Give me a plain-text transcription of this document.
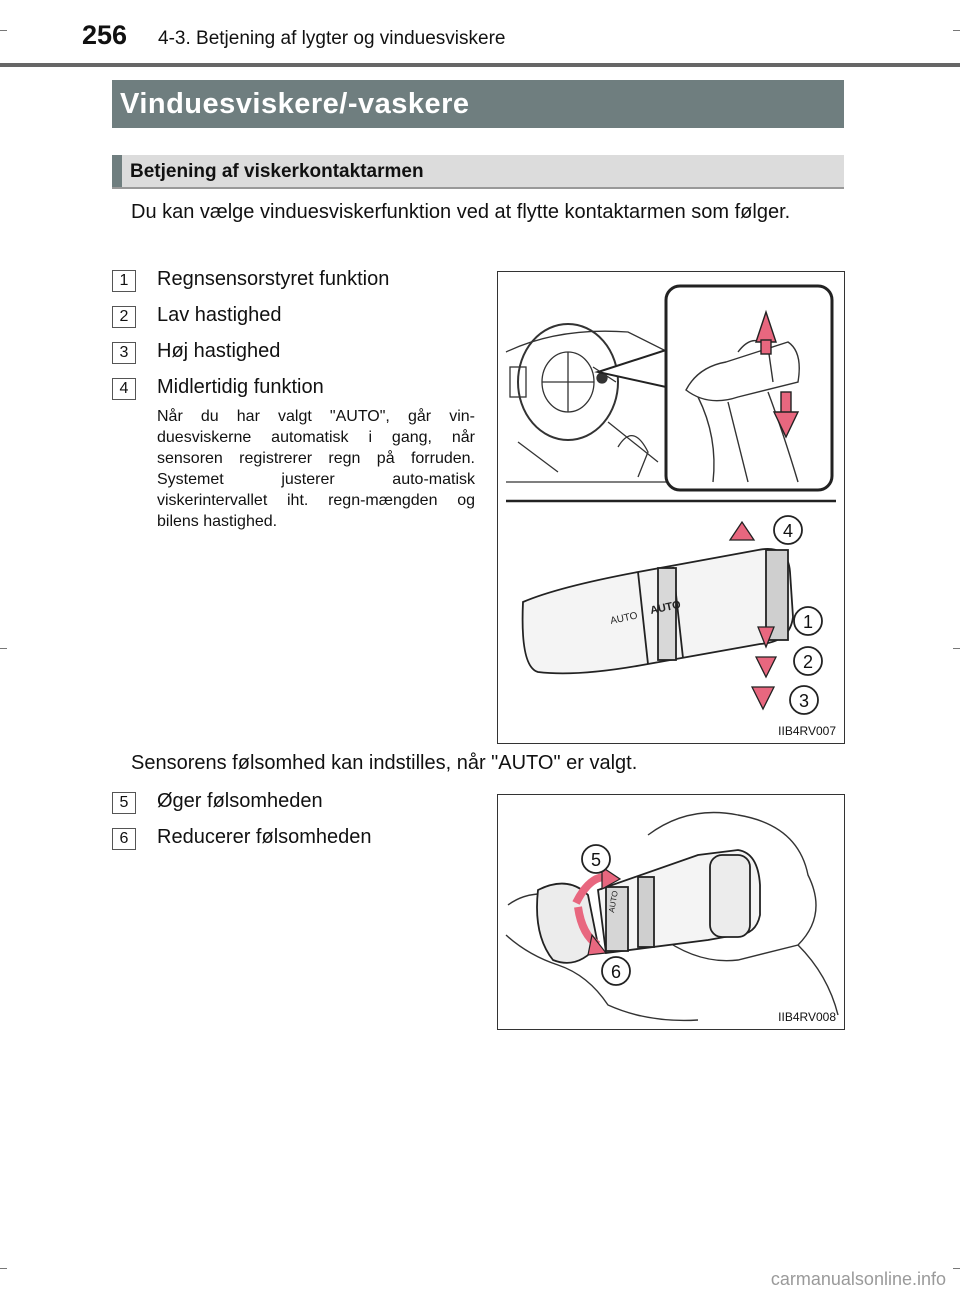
256 4-3. Betjening af lygter og vinduesviskere
Vinduesviskere/-vaskere
Betjening af viskerkontaktarmen
Du kan vælge vinduesviskerfunktion ved at flytte kontaktarmen som følger.
1	Regnsensorstyret funktion
2	Lav hastighed
3	Høj hastighed
4	Midlertidig funktion
Når du har valgt "AUTO", går vin-duesviskerne automatisk i gang, når sensoren registrerer regn på forruden. Systemet justerer auto-matisk viskerintervallet iht. regn-mængden og bilens hastighed.
AUTO
AUTO
4
1
2
3
IIB4RV007
Sensorens følsomhed kan indstilles, når "AUTO" er valgt.
5	Øger følsomheden
6	Reducerer følsomheden
AUTO
5
6
IIB4RV008
carmanualsonline.info
